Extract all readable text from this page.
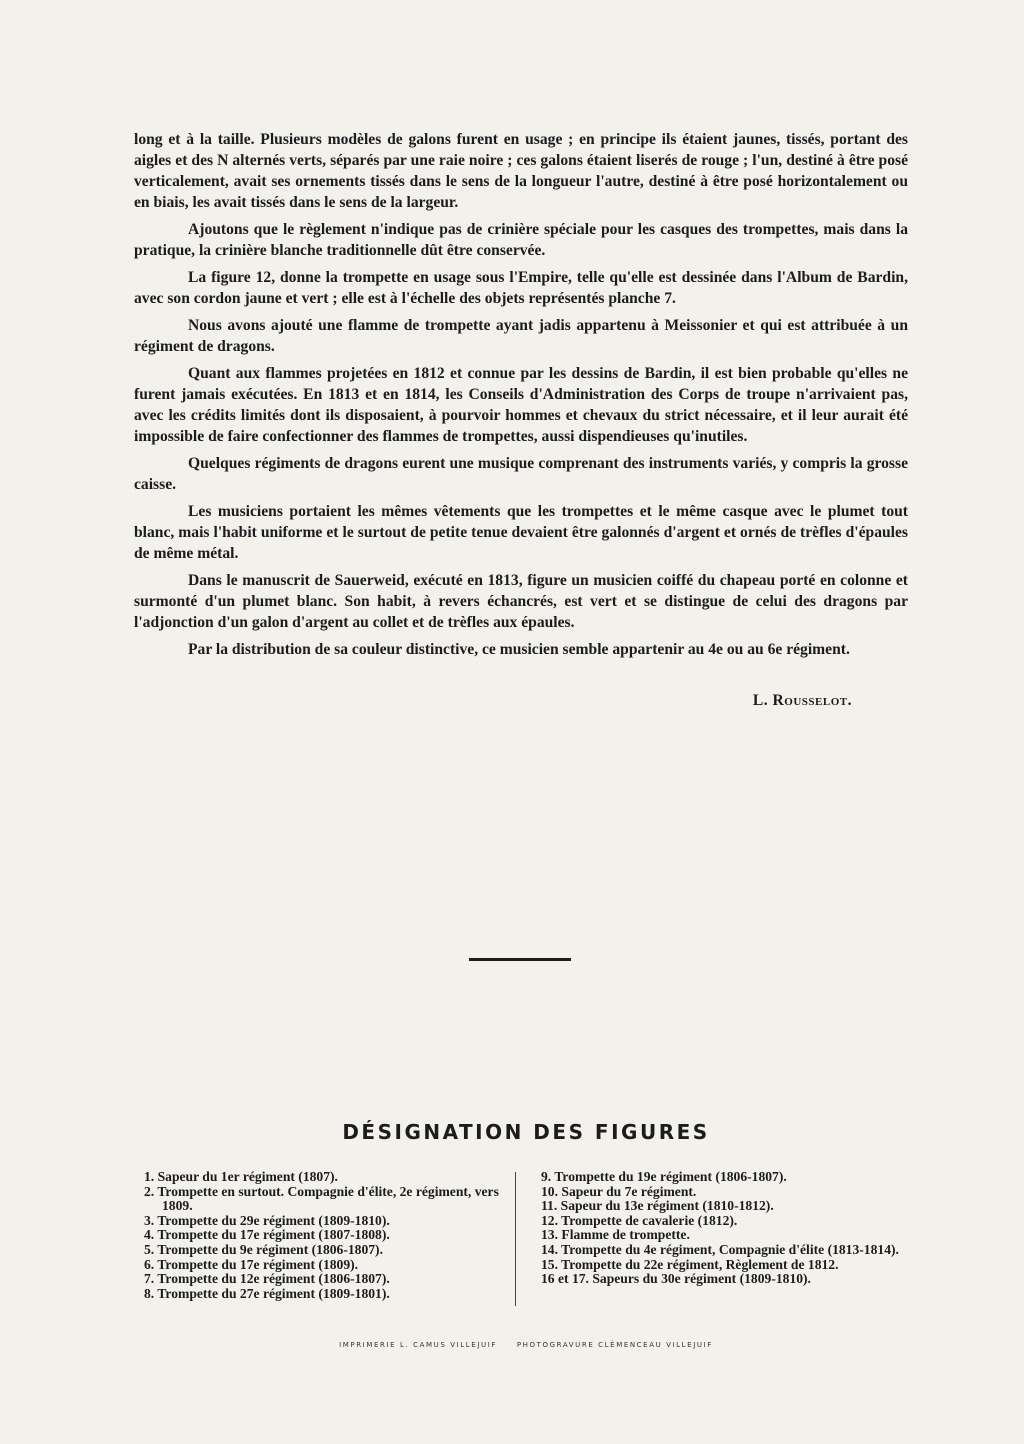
long et à la taille. Plusieurs modèles de galons furent en usage ; en principe ils étaient jaunes, tissés, portant des aigles et des N alternés verts, séparés par une raie noire ; ces galons étaient liserés de rouge ; l'un, destiné à être posé verticalement, avait ses ornements tissés dans le sens de la longueur l'autre, destiné à être posé horizontalement ou en biais, les avait tissés dans le sens de la largeur.

Ajoutons que le règlement n'indique pas de crinière spéciale pour les casques des trompettes, mais dans la pratique, la crinière blanche traditionnelle dût être conservée.

La figure 12, donne la trompette en usage sous l'Empire, telle qu'elle est dessinée dans l'Album de Bardin, avec son cordon jaune et vert ; elle est à l'échelle des objets représentés planche 7.

Nous avons ajouté une flamme de trompette ayant jadis appartenu à Meissonier et qui est attribuée à un régiment de dragons.

Quant aux flammes projetées en 1812 et connue par les dessins de Bardin, il est bien probable qu'elles ne furent jamais exécutées. En 1813 et en 1814, les Conseils d'Administration des Corps de troupe n'arrivaient pas, avec les crédits limités dont ils disposaient, à pourvoir hommes et chevaux du strict nécessaire, et il leur aurait été impossible de faire confectionner des flammes de trompettes, aussi dispendieuses qu'inutiles.

Quelques régiments de dragons eurent une musique comprenant des instruments variés, y compris la grosse caisse.

Les musiciens portaient les mêmes vêtements que les trompettes et le même casque avec le plumet tout blanc, mais l'habit uniforme et le surtout de petite tenue devaient être galonnés d'argent et ornés de trèfles d'épaules de même métal.

Dans le manuscrit de Sauerweid, exécuté en 1813, figure un musicien coiffé du chapeau porté en colonne et surmonté d'un plumet blanc. Son habit, à revers échancrés, est vert et se distingue de celui des dragons par l'adjonction d'un galon d'argent au collet et de trèfles aux épaules.

Par la distribution de sa couleur distinctive, ce musicien semble appartenir au 4e ou au 6e régiment.

L. Rousselot.
DÉSIGNATION DES FIGURES
1. Sapeur du 1er régiment (1807).
2. Trompette en surtout. Compagnie d'élite, 2e régiment, vers 1809.
3. Trompette du 29e régiment (1809-1810).
4. Trompette du 17e régiment (1807-1808).
5. Trompette du 9e régiment (1806-1807).
6. Trompette du 17e régiment (1809).
7. Trompette du 12e régiment (1806-1807).
8. Trompette du 27e régiment (1809-1801).
9. Trompette du 19e régiment (1806-1807).
10. Sapeur du 7e régiment.
11. Sapeur du 13e régiment (1810-1812).
12. Trompette de cavalerie (1812).
13. Flamme de trompette.
14. Trompette du 4e régiment, Compagnie d'élite (1813-1814).
15. Trompette du 22e régiment, Règlement de 1812.
16 et 17. Sapeurs du 30e régiment (1809-1810).
IMPRIMERIE L. CAMUS VILLEJUIF	PHOTOGRAVURE CLÉMENCEAU VILLEJUIF
